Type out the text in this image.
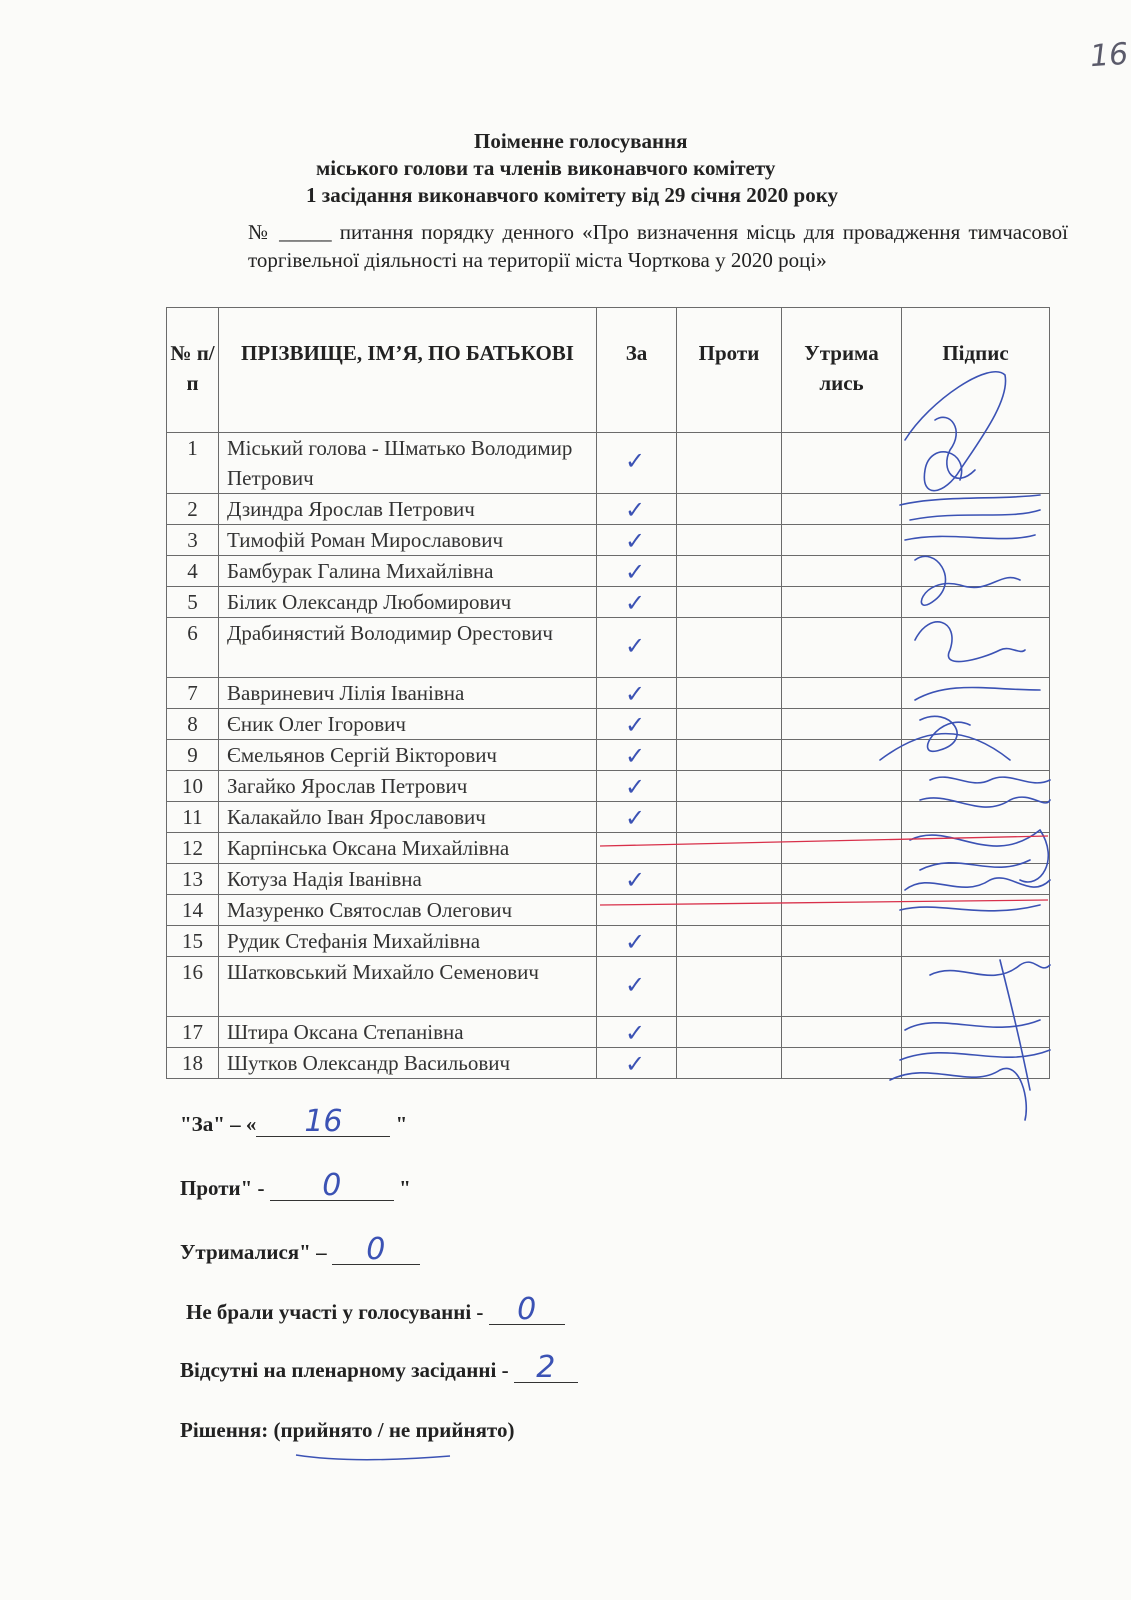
16
Поіменне голосування
міського голови та членів виконавчого комітету
1 засідання виконавчого комітету від 29 січня 2020 року
№ _____ питання порядку денного «Про визначення місць для провадження тимчасової торгівельної діяльності на території міста Чорткова у 2020 році»
№ п/п	ПРІЗВИЩЕ, ІМ’Я, ПО БАТЬКОВІ	За	Проти	Утрима лись	Підпис
1	Міський голова - Шматько Володимир Петрович	✓			

2	Дзиндра Ярослав Петрович	✓			

3	Тимофій Роман Мирославович	✓			

4	Бамбурак Галина Михайлівна	✓			

5	Білик Олександр Любомирович	✓			

6	Драбинястий Володимир Орестович	✓			

7	Вавриневич Лілія Іванівна	✓			

8	Єник Олег Ігорович	✓			

9	Ємельянов Сергій Вікторович	✓			

10	Загайко Ярослав Петрович	✓			

11	Калакайло Іван Ярославович	✓			

12	Карпінська Оксана Михайлівна				
13	Котуза Надія Іванівна	✓			

14	Мазуренко Святослав Олегович				
15	Рудик Стефанія Михайлівна	✓			

16	Шатковський Михайло Семенович	✓			

17	Штира Оксана Степанівна	✓			

18	Шутков Олександр Васильович	✓			

"За" – « 16 "
Проти" - 0 "
Утрималися" – 0
Не брали участі у голосуванні - 0
Відсутні на пленарному засіданні - 2
Рішення: (прийнято / не прийнято)
